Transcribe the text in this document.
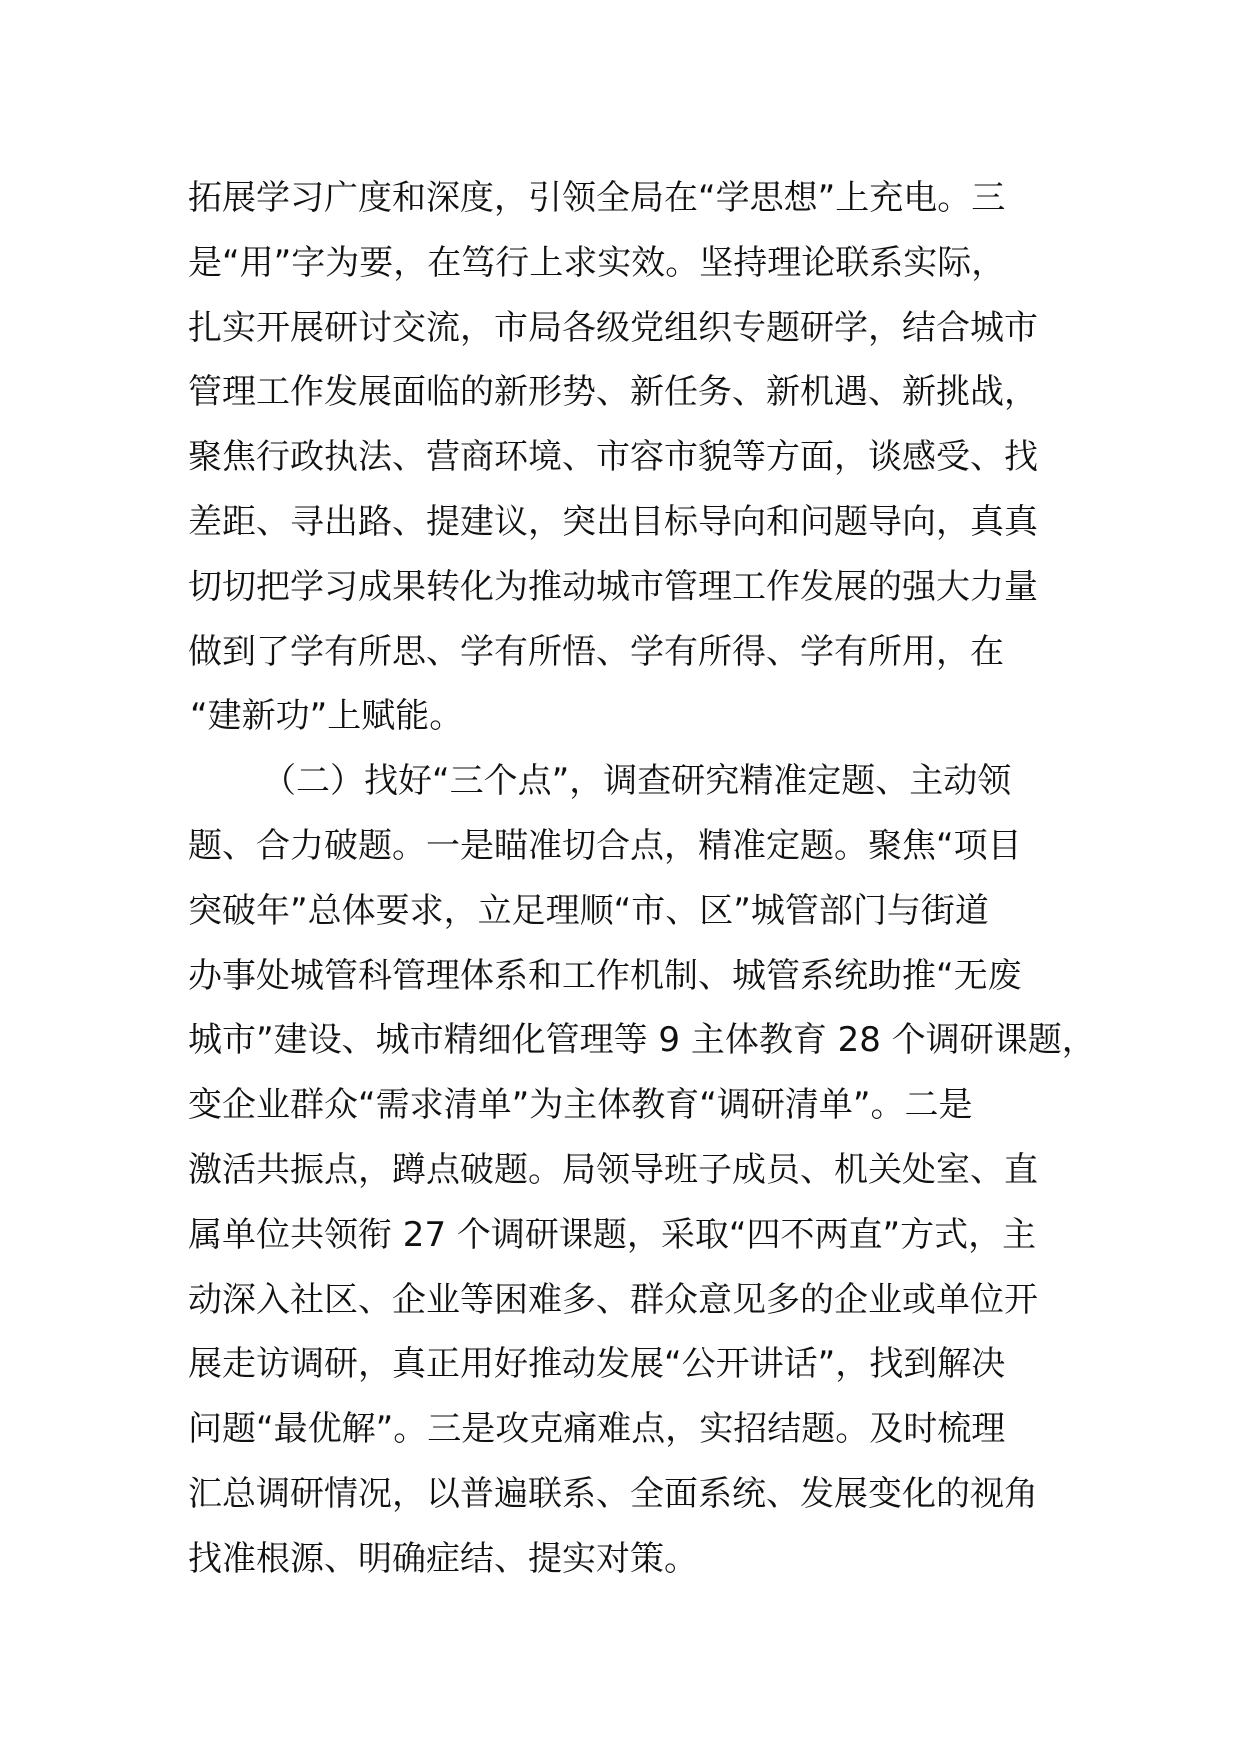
拓展学习广度和深度，引领全局在“学思想”上充电。三
是“用”字为要，在笃行上求实效。坚持理论联系实际，
扎实开展研讨交流，市局各级党组织专题研学，结合城市
管理工作发展面临的新形势、新任务、新机遇、新挑战，
聚焦行政执法、营商环境、市容市貌等方面，谈感受、找
差距、寻出路、提建议，突出目标导向和问题导向，真真
切切把学习成果转化为推动城市管理工作发展的强大力量
做到了学有所思、学有所悟、学有所得、学有所用，在
“建新功”上赋能。
（二）找好“三个点”，调查研究精准定题、主动领
题、合力破题。一是瞄准切合点，精准定题。聚焦“项目
突破年”总体要求，立足理顺“市、区”城管部门与街道
办事处城管科管理体系和工作机制、城管系统助推“无废
城市”建设、城市精细化管理等 9 主体教育 28 个调研课题，
变企业群众“需求清单”为主体教育“调研清单”。二是
激活共振点，蹲点破题。局领导班子成员、机关处室、直
属单位共领衔 27 个调研课题，采取“四不两直”方式，主
动深入社区、企业等困难多、群众意见多的企业或单位开
展走访调研，真正用好推动发展“公开讲话”，找到解决
问题“最优解”。三是攻克痛难点，实招结题。及时梳理
汇总调研情况，以普遍联系、全面系统、发展变化的视角
找准根源、明确症结、提实对策。
